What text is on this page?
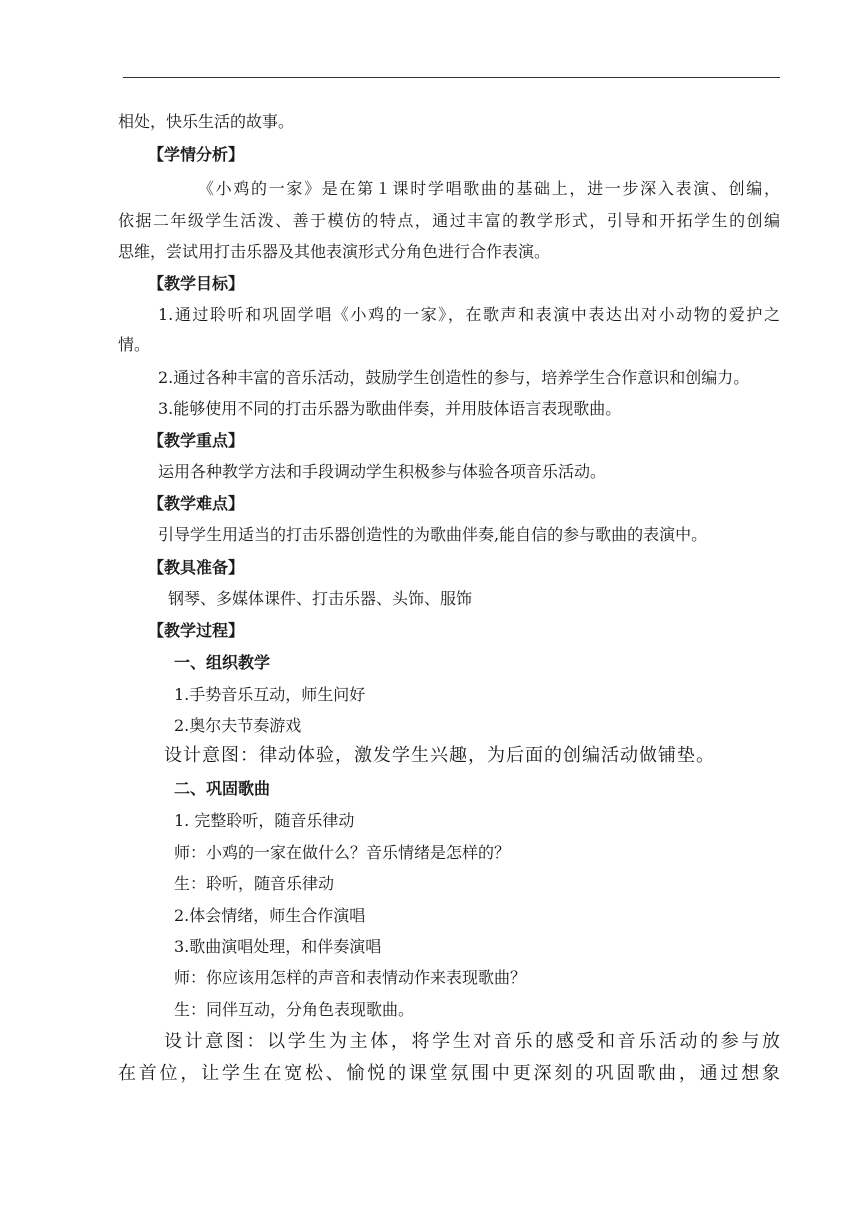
相处，快乐生活的故事。
【学情分析】
《小鸡的一家》是在第１课时学唱歌曲的基础上，进一步深入表演、创编，
依据二年级学生活泼、善于模仿的特点，通过丰富的教学形式，引导和开拓学生的创编
思维，尝试用打击乐器及其他表演形式分角色进行合作表演。
【教学目标】
1.通过聆听和巩固学唱《小鸡的一家》，在歌声和表演中表达出对小动物的爱护之
情。
2.通过各种丰富的音乐活动，鼓励学生创造性的参与，培养学生合作意识和创编力。
3.能够使用不同的打击乐器为歌曲伴奏，并用肢体语言表现歌曲。
【教学重点】
运用各种教学方法和手段调动学生积极参与体验各项音乐活动。
【教学难点】
引导学生用适当的打击乐器创造性的为歌曲伴奏,能自信的参与歌曲的表演中。
【教具准备】
钢琴、多媒体课件、打击乐器、头饰、服饰
【教学过程】
一、组织教学
1.手势音乐互动，师生问好
2.奥尔夫节奏游戏
设计意图：律动体验，激发学生兴趣，为后面的创编活动做铺垫。
二、巩固歌曲
1. 完整聆听，随音乐律动
师：小鸡的一家在做什么？音乐情绪是怎样的？
生：聆听，随音乐律动
2.体会情绪，师生合作演唱
3.歌曲演唱处理，和伴奏演唱
师：你应该用怎样的声音和表情动作来表现歌曲？
生：同伴互动，分角色表现歌曲。
设计意图：以学生为主体，将学生对音乐的感受和音乐活动的参与放
在首位，让学生在宽松、愉悦的课堂氛围中更深刻的巩固歌曲，通过想象
